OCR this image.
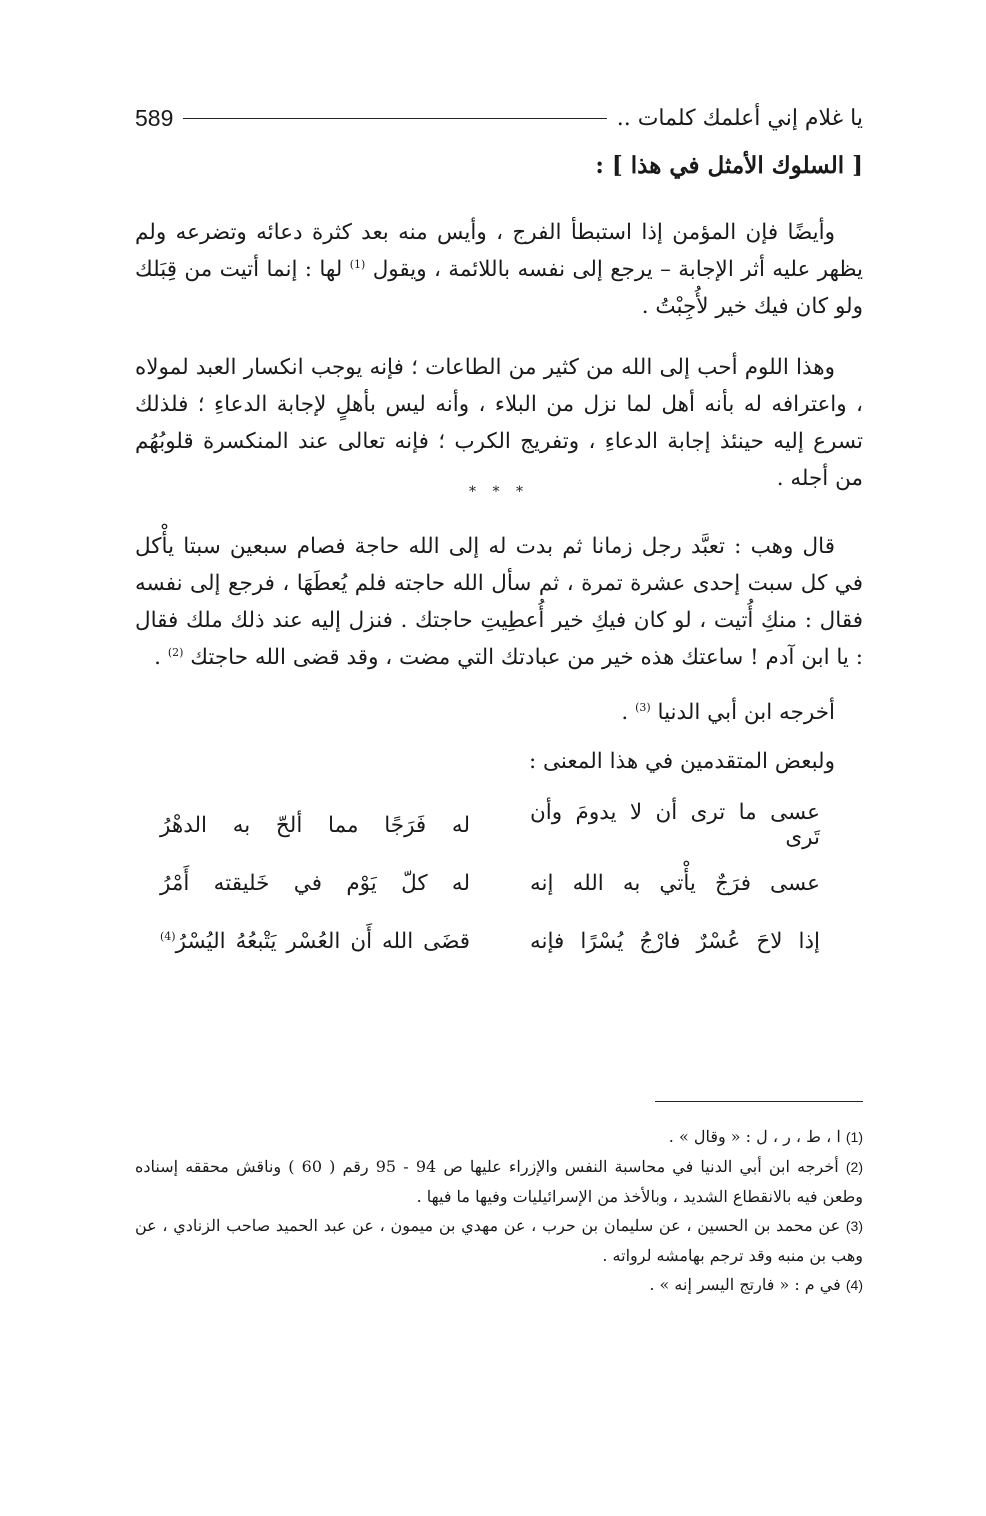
يا غلام إني أعلمك كلمات ..
589
[ السلوك الأمثل في هذا ] :
وأيضًا فإن المؤمن إذا استبطأ الفرج ، وأيس منه بعد كثرة دعائه وتضرعه ولم يظهر عليه أثر الإجابة – يرجع إلى نفسه باللائمة ، ويقول $^{(1)}$ لها : إنما أتيت من قِبَلك ولو كان فيك خير لأُجِبْتُ .
وهذا اللوم أحب إلى الله من كثير من الطاعات ؛ فإنه يوجب انكسار العبد لمولاه ، واعترافه له بأنه أهل لما نزل من البلاء ، وأنه ليس بأهلٍ لإجابة الدعاءِ ؛ فلذلك تسرع إليه حينئذ إجابة الدعاءِ ، وتفريج الكرب ؛ فإنه تعالى عند المنكسرة قلوبُهُم من أجله .
* * *
قال وهب : تعبَّد رجل زمانا ثم بدت له إلى الله حاجة فصام سبعين سبتا يأْكل في كل سبت إحدى عشرة تمرة ، ثم سأل الله حاجته فلم يُعطَهَا ، فرجع إلى نفسه فقال : منكِ أُتيت ، لو كان فيكِ خير أُعطِيتِ حاجتك . فنزل إليه عند ذلك ملك فقال : يا ابن آدم ! ساعتك هذه خير من عبادتك التي مضت ، وقد قضى الله حاجتك $^{(2)}$ .
أخرجه ابن أبي الدنيا $^{(3)}$ .
ولبعض المتقدمين في هذا المعنى :
عسى ما ترى أن لا يدومَ وأن تَرى
له فَرَجًا مما ألحّ به الدهْرُ
عسى فرَجٌ يأْتي به الله إنه
له كلّ يَوْم في خَليقته أَمْرُ
إذا لاحَ عُسْرٌ فارْجُ يُسْرًا فإنه
قضَى الله أَن العُسْر يَتْبعُهُ اليُسْرُ$^{(4)}$

(1) ا ، ط ، ر ، ل : « وقال » .

(2) أخرجه ابن أبي الدنيا في محاسبة النفس والإزراء عليها ص 94 - 95 رقم ( 60 ) وناقش محققه إسناده وطعن فيه بالانقطاع الشديد ، وبالأخذ من الإسرائيليات وفيها ما فيها .

(3) عن محمد بن الحسين ، عن سليمان بن حرب ، عن مهدي بن ميمون ، عن عبد الحميد صاحب الزنادي ، عن وهب بن منبه وقد ترجم بهامشه لرواته .

(4) في م : « فارتج اليسر إنه » .
